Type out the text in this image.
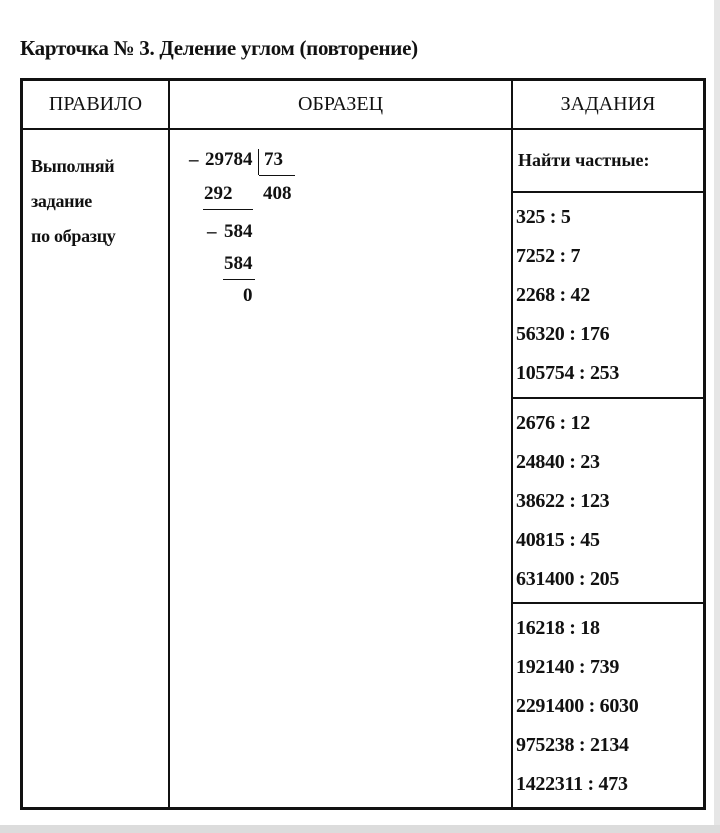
Карточка № 3. Деление углом (повторение)
ПРАВИЛО	ОБРАЗЕЦ	ЗАДАНИЯ
Выполняй
задание
по образцу
_ 29784 73
292 408
_ 584
584
0
Найти частные:
325 : 5
7252 : 7
2268 : 42
56320 : 176
105754 : 253
2676 : 12
24840 : 23
38622 : 123
40815 : 45
631400 : 205
16218 : 18
192140 : 739
2291400 : 6030
975238 : 2134
1422311 : 473
